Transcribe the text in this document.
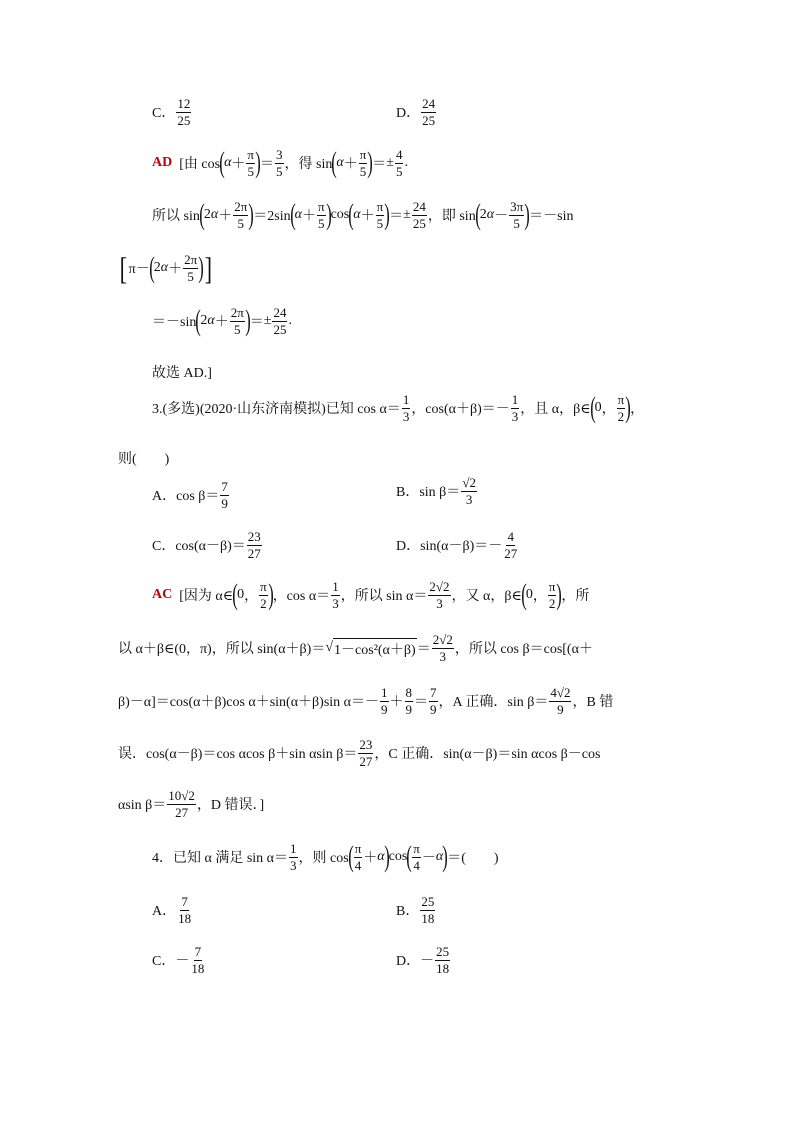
C． $\frac{12}{25}$	D． $\frac{24}{25}$
AD
[由 cos ( $\alpha + \frac{\pi}{5}$ ) ＝ $\frac{3}{5}$ ，得 sin ( $\alpha + \frac{\pi}{5}$ ) ＝ ± $\frac{4}{5}$ .
所以 sin ( 2 $\alpha + \frac{2\pi}{5}$ ) ＝2sin ( $\alpha + \frac{\pi}{5}$ ) cos ( $\alpha + \frac{\pi}{5}$ ) ＝ ± $\frac{24}{25}$ ，即 sin ( 2 $\alpha - \frac{3\pi}{5}$ ) ＝－sin
[ π－ ( 2 $\alpha + \frac{2\pi}{5}$ ) ]
＝－sin ( 2 $\alpha + \frac{2\pi}{5}$ ) ＝ ± $\frac{24}{25}$ .
故选 AD.]
3.(多选)(2020·山东济南模拟)已知 $\cos \alpha= \frac{1}{3}$ ，$\cos(\alpha+\beta)=- \frac{1}{3}$ ，且 α，β∈ ( 0 ， $\frac{\pi}{2}$ ) ，
则(　　)
A．$\cos \beta= \frac{7}{9}$	B．$\sin \beta= \frac{√2}{3}$
C．$\cos(\alpha-\beta)= \frac{23}{27}$	D．$\sin(\alpha-\beta)=- \frac{4}{27}$
AC
[因为 α∈ ( 0 ， $\frac{\pi}{2}$ ) ，$\cos \alpha= \frac{1}{3}$ ，所以 $\sin \alpha= \frac{2√2}{3}$ ，又 α，β∈ ( 0 ， $\frac{\pi}{2}$ ) ，所
以 α＋β∈(0，π)，所以 sin(α＋β)＝ √ $1-\cos^2(\alpha+\beta) = \frac{2√2}{3}$ ，所以 cos β＝cos[(α＋
β)－α]＝cos(α＋β)cos α＋sin(α＋β)sin $\alpha=- \frac{1}{9} + \frac{8}{9} = \frac{7}{9}$ ，A 正确．$\sin \beta= \frac{4√2}{9}$ ，B 错
误．cos(α－β)＝cos αcos β＋sin αsin $\beta= \frac{23}{27}$ ，C 正确．sin(α－β)＝sin αcos β－cos
αsin $\beta= \frac{10√2}{27}$ ，D 错误．]
4．已知 α 满足 $\sin \alpha= \frac{1}{3}$ ，则 cos ( $\frac{\pi}{4} + \alpha$ ) cos ( $\frac{\pi}{4} - \alpha$ ) ＝(　　)
A． $\frac{7}{18}$	B． $\frac{25}{18}$
C．－ $\frac{7}{18}$	D．－ $\frac{25}{18}$
